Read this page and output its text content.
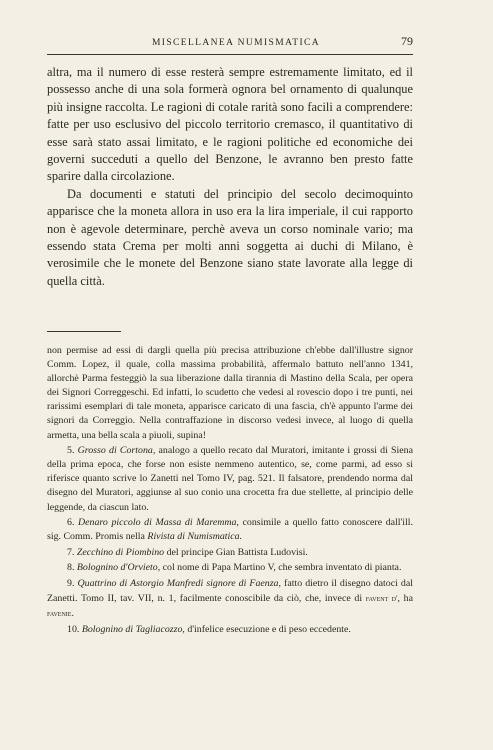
MISCELLANEA NUMISMATICA	79

altra, ma il numero di esse resterà sempre estremamente limitato, ed il possesso anche di una sola formerà ognora bel ornamento di qualunque più insigne raccolta. Le ragioni di cotale rarità sono facili a comprendere: fatte per uso esclusivo del piccolo territorio cremasco, il quantitativo di esse sarà stato assai limitato, e le ragioni politiche ed economiche dei governi succeduti a quello del Benzone, le avranno ben presto fatte sparire dalla circolazione.

Da documenti e statuti del principio del secolo decimoquinto apparisce che la moneta allora in uso era la lira imperiale, il cui rapporto non è agevole determinare, perchè aveva un corso nominale vario; ma essendo stata Crema per molti anni soggetta ai duchi di Milano, è verosimile che le monete del Benzone siano state lavorate alla legge di quella città.

non permise ad essi di dargli quella più precisa attribuzione ch'ebbe dall'illustre signor Comm. Lopez, il quale, colla massima probabilità, affermalo battuto nell'anno 1341, allorchè Parma festeggiò la sua liberazione dalla tirannia di Mastino della Scala, per opera dei Signori Correggeschi. Ed infatti, lo scudetto che vedesi al rovescio dopo i tre punti, nei rarissimi esemplari di tale moneta, apparisce caricato di una fascia, ch'è appunto l'arme dei signori da Correggio. Nella contraffazione in discorso vedesi invece, al luogo di quella armetta, una bella scala a piuoli, supina!

5. Grosso di Cortona, analogo a quello recato dal Muratori, imitante i grossi di Siena della prima epoca, che forse non esiste nemmeno autentico, se, come parmi, ad esso si riferisce quanto scrive lo Zanetti nel Tomo IV, pag. 521. Il falsatore, prendendo norma dal disegno del Muratori, aggiunse al suo conio una crocetta fra due stellette, al principio delle leggende, da ciascun lato.

6. Denaro piccolo di Massa di Maremma, consimile a quello fatto conoscere dall'ill. sig. Comm. Promis nella Rivista di Numismatica.

7. Zecchino di Piombino del principe Gian Battista Ludovisi.

8. Bolognino d'Orvieto, col nome di Papa Martino V, che sembra inventato di pianta.

9. Quattrino di Astorgio Manfredi signore di Faenza, fatto dietro il disegno datoci dal Zanetti. Tomo II, tav. VII, n. 1, facilmente conoscibile da ciò, che, invece di favent d', ha favenie.

10. Bolognino di Tagliacozzo, d'infelice esecuzione e di peso eccedente.
